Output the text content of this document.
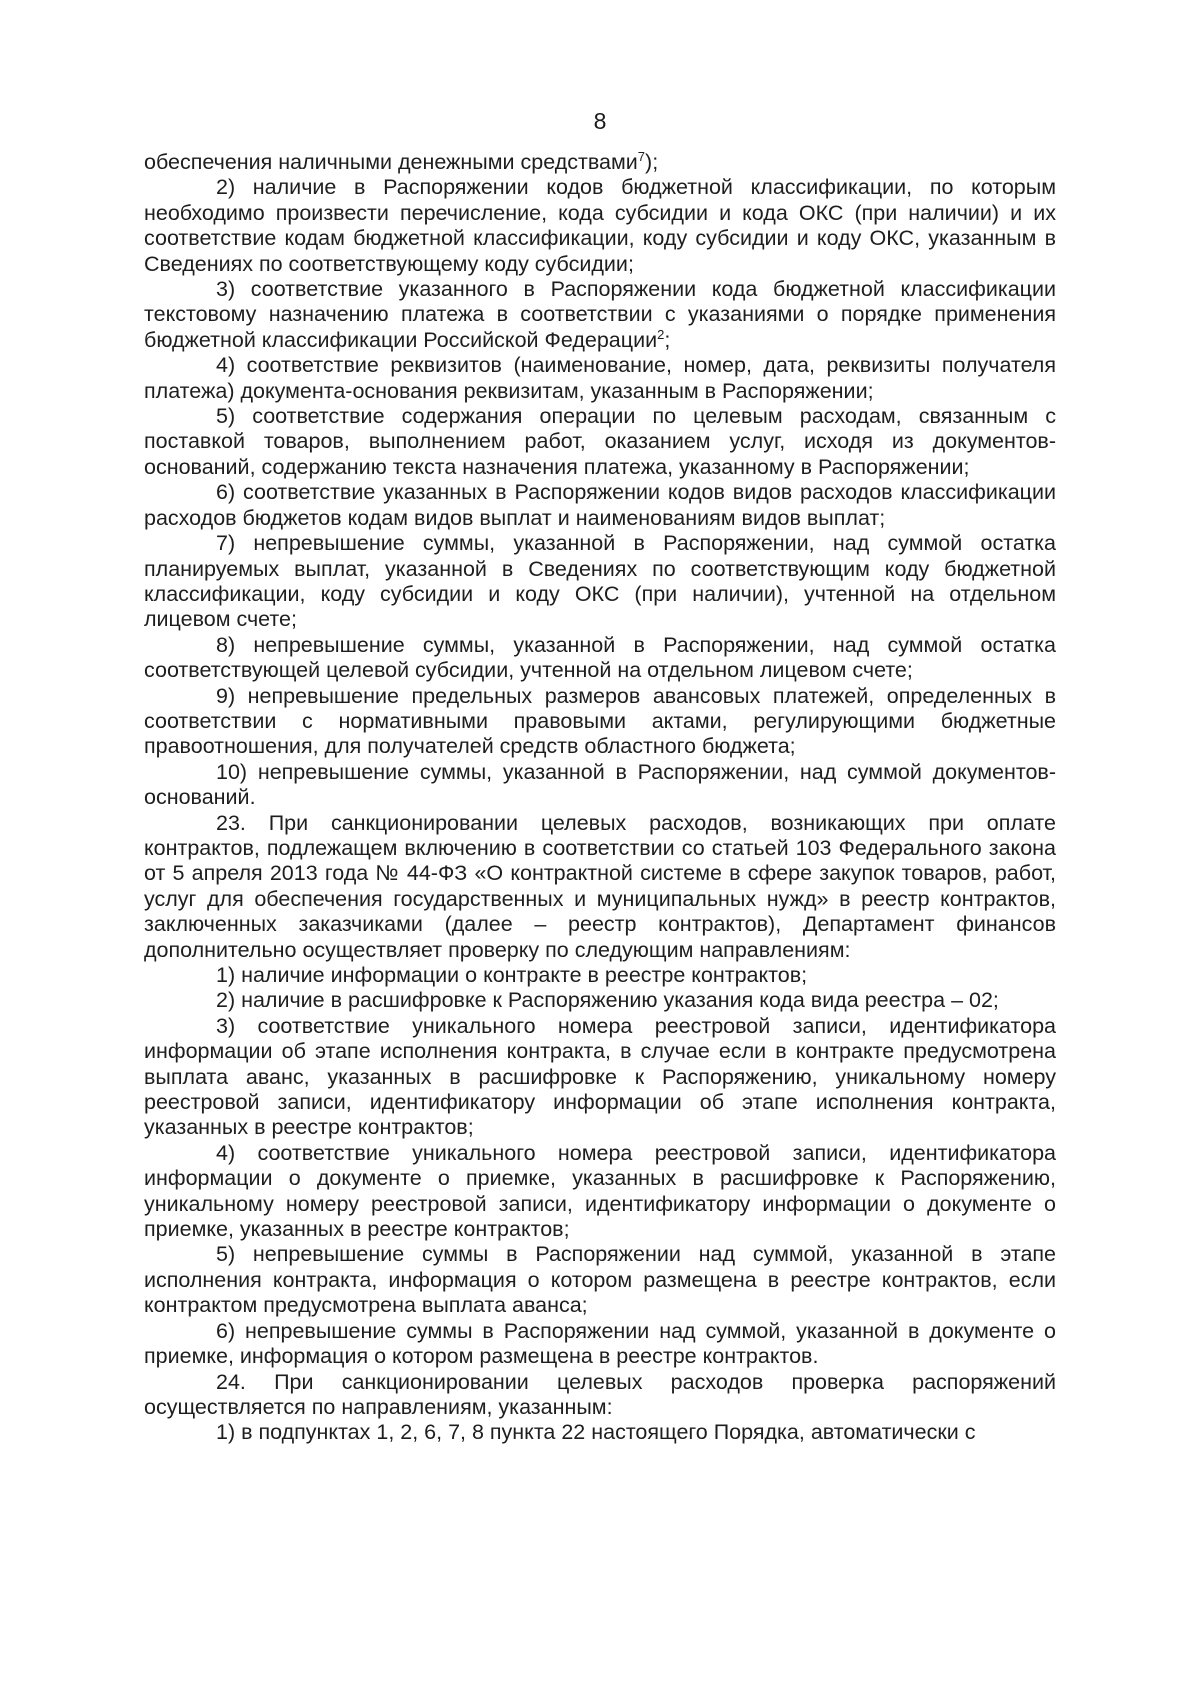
8

обеспечения наличными денежными средствами$^7$);

2) наличие в Распоряжении кодов бюджетной классификации, по которым необходимо произвести перечисление, кода субсидии и кода ОКС (при наличии) и их соответствие кодам бюджетной классификации, коду субсидии и коду ОКС, указанным в Сведениях по соответствующему коду субсидии;

3) соответствие указанного в Распоряжении кода бюджетной классификации текстовому назначению платежа в соответствии с указаниями о порядке применения бюджетной классификации Российской Федерации$^2$;

4) соответствие реквизитов (наименование, номер, дата, реквизиты получателя платежа) документа-основания реквизитам, указанным в Распоряжении;

5) соответствие содержания операции по целевым расходам, связанным с поставкой товаров, выполнением работ, оказанием услуг, исходя из документов-оснований, содержанию текста назначения платежа, указанному в Распоряжении;

6) соответствие указанных в Распоряжении кодов видов расходов классификации расходов бюджетов кодам видов выплат и наименованиям видов выплат;

7) непревышение суммы, указанной в Распоряжении, над суммой остатка планируемых выплат, указанной в Сведениях по соответствующим коду бюджетной классификации, коду субсидии и коду ОКС (при наличии), учтенной на отдельном лицевом счете;

8) непревышение суммы, указанной в Распоряжении, над суммой остатка соответствующей целевой субсидии, учтенной на отдельном лицевом счете;

9) непревышение предельных размеров авансовых платежей, определенных в соответствии с нормативными правовыми актами, регулирующими бюджетные правоотношения, для получателей средств областного бюджета;

10) непревышение суммы, указанной в Распоряжении, над суммой документов-оснований.

23. При санкционировании целевых расходов, возникающих при оплате контрактов, подлежащем включению в соответствии со статьей 103 Федерального закона от 5 апреля 2013 года № 44-ФЗ «О контрактной системе в сфере закупок товаров, работ, услуг для обеспечения государственных и муниципальных нужд» в реестр контрактов, заключенных заказчиками (далее – реестр контрактов), Департамент финансов дополнительно осуществляет проверку по следующим направлениям:

1) наличие информации о контракте в реестре контрактов;

2) наличие в расшифровке к Распоряжению указания кода вида реестра – 02;

3) соответствие уникального номера реестровой записи, идентификатора информации об этапе исполнения контракта, в случае если в контракте предусмотрена выплата аванс, указанных в расшифровке к Распоряжению, уникальному номеру реестровой записи, идентификатору информации об этапе исполнения контракта, указанных в реестре контрактов;

4) соответствие уникального номера реестровой записи, идентификатора информации о документе о приемке, указанных в расшифровке к Распоряжению, уникальному номеру реестровой записи, идентификатору информации о документе о приемке, указанных в реестре контрактов;

5) непревышение суммы в Распоряжении над суммой, указанной в этапе исполнения контракта, информация о котором размещена в реестре контрактов, если контрактом предусмотрена выплата аванса;

6) непревышение суммы в Распоряжении над суммой, указанной в документе о приемке, информация о котором размещена в реестре контрактов.

24. При санкционировании целевых расходов проверка распоряжений осуществляется по направлениям, указанным:

1) в подпунктах 1, 2, 6, 7, 8 пункта 22 настоящего Порядка, автоматически с
